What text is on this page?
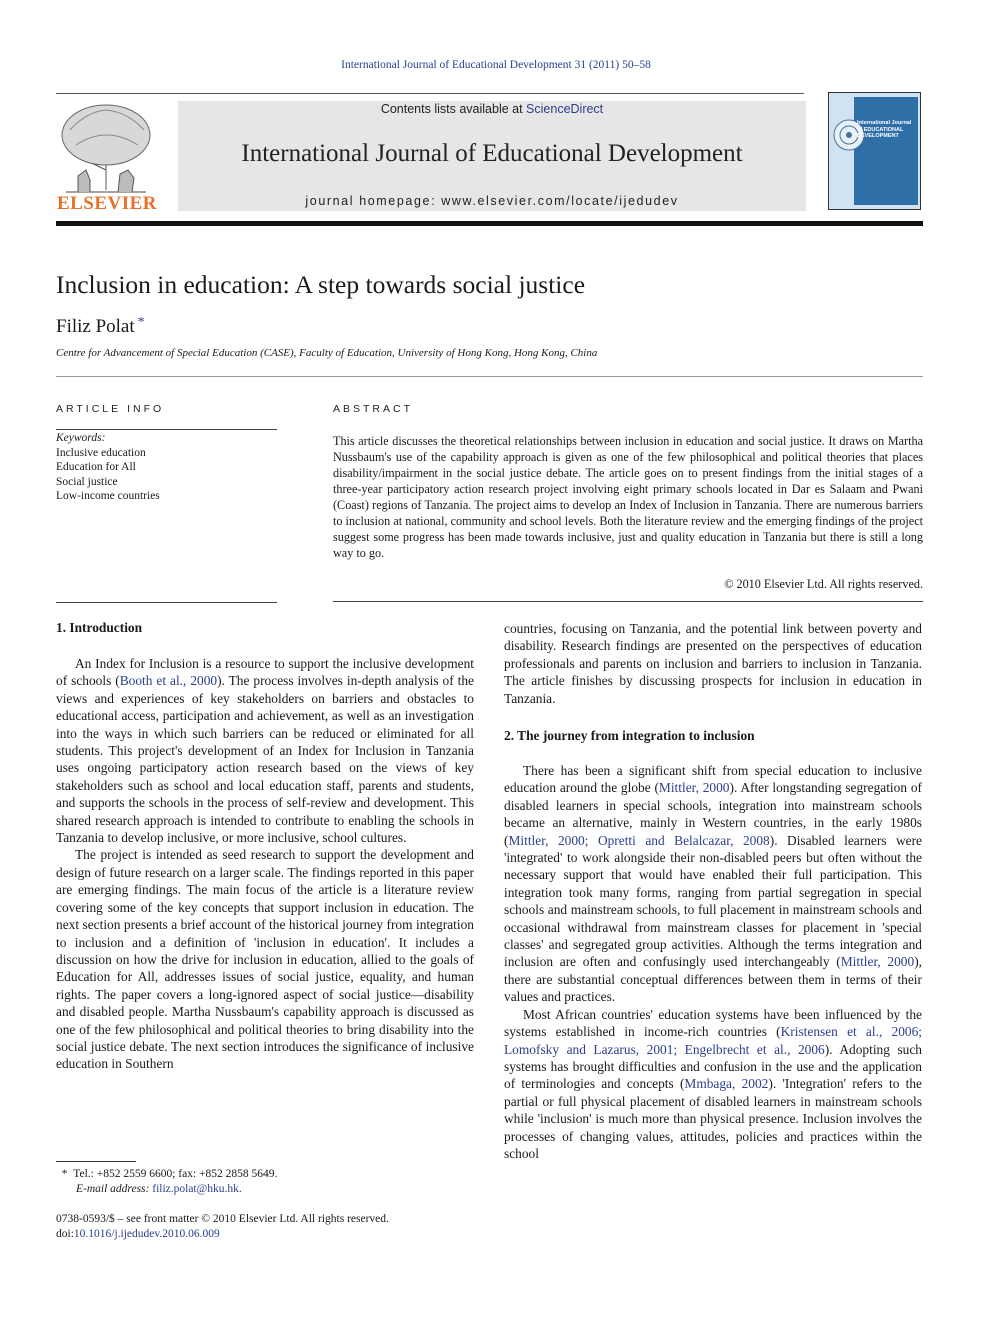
International Journal of Educational Development 31 (2011) 50–58
ELSEVIER
Contents lists available at ScienceDirect
International Journal of Educational Development
journal homepage: www.elsevier.com/locate/ijedudev
International Journal of EDUCATIONAL DEVELOPMENT
Inclusion in education: A step towards social justice
Filiz Polat *
Centre for Advancement of Special Education (CASE), Faculty of Education, University of Hong Kong, Hong Kong, China
ARTICLE INFO	ABSTRACT
Keywords:
Inclusive education
Education for All
Social justice
Low-income countries
This article discusses the theoretical relationships between inclusion in education and social justice. It draws on Martha Nussbaum's use of the capability approach is given as one of the few philosophical and political theories that places disability/impairment in the social justice debate. The article goes on to present findings from the initial stages of a three-year participatory action research project involving eight primary schools located in Dar es Salaam and Pwani (Coast) regions of Tanzania. The project aims to develop an Index of Inclusion in Tanzania. There are numerous barriers to inclusion at national, community and school levels. Both the literature review and the emerging findings of the project suggest some progress has been made towards inclusive, just and quality education in Tanzania but there is still a long way to go.
© 2010 Elsevier Ltd. All rights reserved.
1. Introduction

An Index for Inclusion is a resource to support the inclusive development of schools (Booth et al., 2000). The process involves in-depth analysis of the views and experiences of key stakeholders on barriers and obstacles to educational access, participation and achievement, as well as an investigation into the ways in which such barriers can be reduced or eliminated for all students. This project's development of an Index for Inclusion in Tanzania uses ongoing participatory action research based on the views of key stakeholders such as school and local education staff, parents and students, and supports the schools in the process of self-review and development. This shared research approach is intended to contribute to enabling the schools in Tanzania to develop inclusive, or more inclusive, school cultures.

The project is intended as seed research to support the development and design of future research on a larger scale. The findings reported in this paper are emerging findings. The main focus of the article is a literature review covering some of the key concepts that support inclusion in education. The next section presents a brief account of the historical journey from integration to inclusion and a definition of 'inclusion in education'. It includes a discussion on how the drive for inclusion in education, allied to the goals of Education for All, addresses issues of social justice, equality, and human rights. The paper covers a long-ignored aspect of social justice—disability and disabled people. Martha Nussbaum's capability approach is discussed as one of the few philosophical and political theories to bring disability into the social justice debate. The next section introduces the significance of inclusive education in Southern

countries, focusing on Tanzania, and the potential link between poverty and disability. Research findings are presented on the perspectives of education professionals and parents on inclusion and barriers to inclusion in Tanzania. The article finishes by discussing prospects for inclusion in education in Tanzania.

2. The journey from integration to inclusion

There has been a significant shift from special education to inclusive education around the globe (Mittler, 2000). After longstanding segregation of disabled learners in special schools, integration into mainstream schools became an alternative, mainly in Western countries, in the early 1980s (Mittler, 2000; Opretti and Belalcazar, 2008). Disabled learners were 'integrated' to work alongside their non-disabled peers but often without the necessary support that would have enabled their full participation. This integration took many forms, ranging from partial segregation in special schools and mainstream schools, to full placement in mainstream schools and occasional withdrawal from mainstream classes for placement in 'special classes' and segregated group activities. Although the terms integration and inclusion are often and confusingly used interchangeably (Mittler, 2000), there are substantial conceptual differences between them in terms of their values and practices.

Most African countries' education systems have been influenced by the systems established in income-rich countries (Kristensen et al., 2006; Lomofsky and Lazarus, 2001; Engelbrecht et al., 2006). Adopting such systems has brought difficulties and confusion in the use and the application of terminologies and concepts (Mmbaga, 2002). 'Integration' refers to the partial or full physical placement of disabled learners in mainstream schools while 'inclusion' is much more than physical presence. Inclusion involves the processes of changing values, attitudes, policies and practices within the school

* Tel.: +852 2559 6600; fax: +852 2858 5649.
E-mail address: filiz.polat@hku.hk.
0738-0593/$ – see front matter © 2010 Elsevier Ltd. All rights reserved.
doi:10.1016/j.ijedudev.2010.06.009
